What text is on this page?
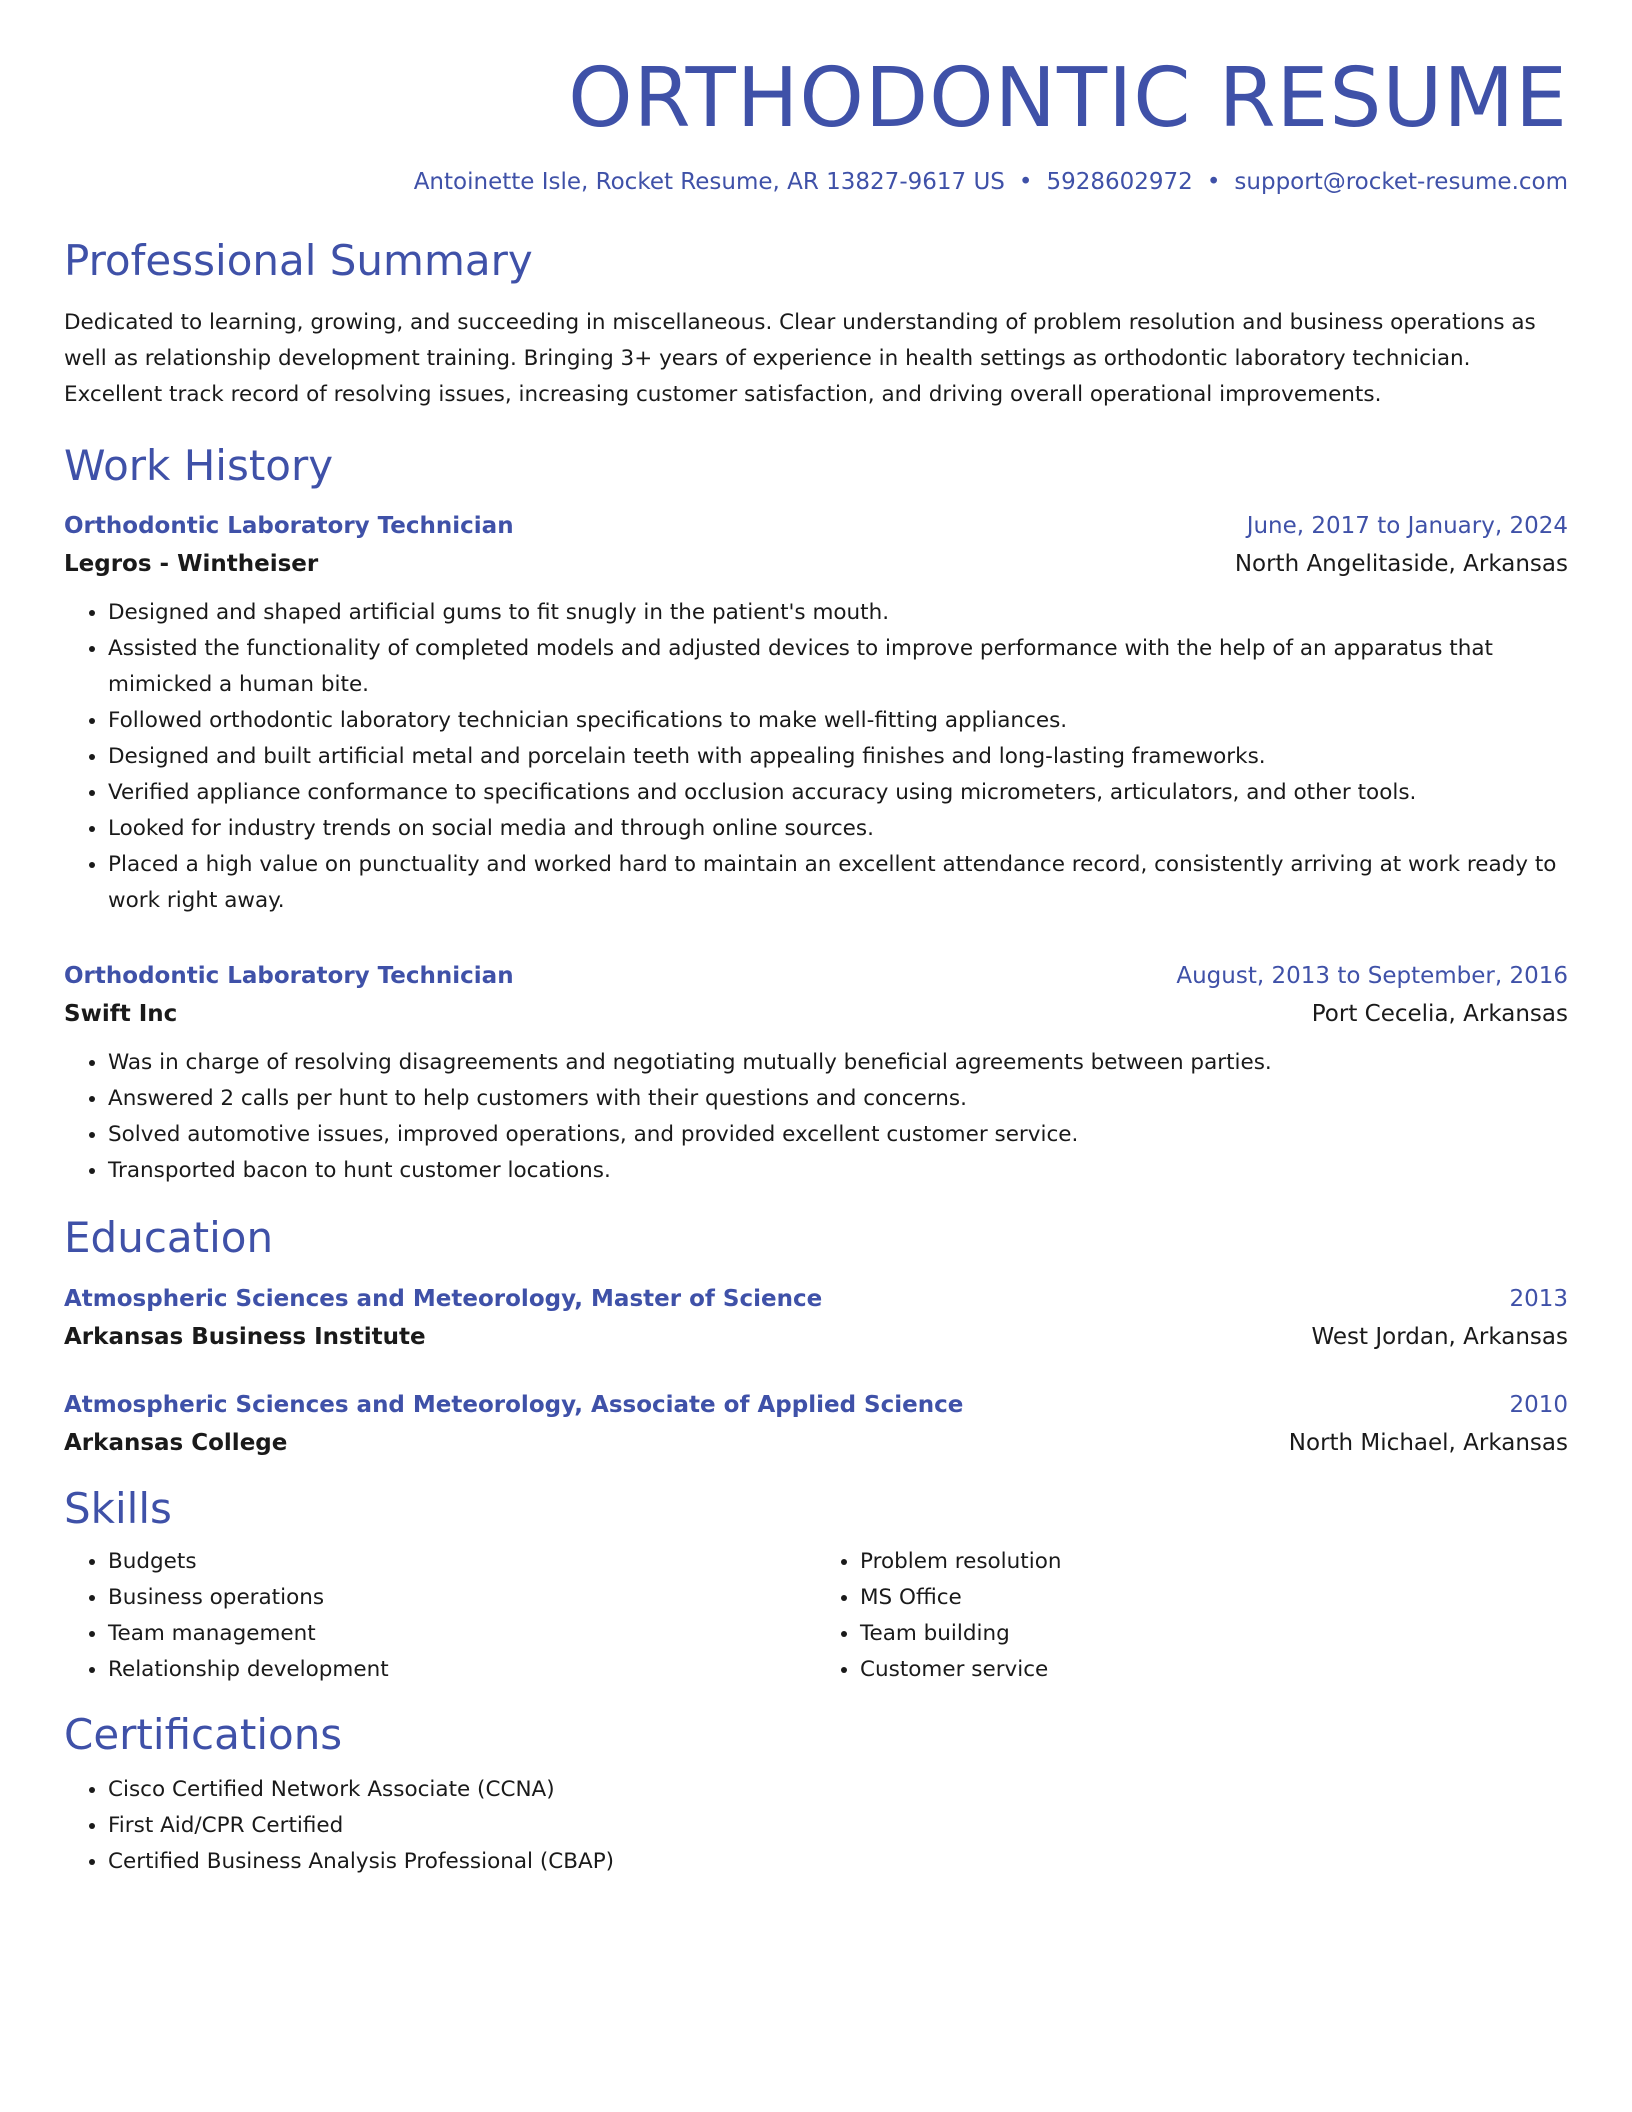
ORTHODONTIC RESUME
Antoinette Isle, Rocket Resume, AR 13827-9617 US • 5928602972 • support@rocket-resume.com
Professional Summary

Dedicated to learning, growing, and succeeding in miscellaneous. Clear understanding of problem resolution and business operations as well as relationship development training. Bringing 3+ years of experience in health settings as orthodontic laboratory technician. Excellent track record of resolving issues, increasing customer satisfaction, and driving overall operational improvements.

Work History
Orthodontic Laboratory Technician	June, 2017 to January, 2024
Legros - Wintheiser	North Angelitaside, Arkansas
• Designed and shaped artificial gums to fit snugly in the patient's mouth.
• Assisted the functionality of completed models and adjusted devices to improve performance with the help of an apparatus that mimicked a human bite.
• Followed orthodontic laboratory technician specifications to make well-fitting appliances.
• Designed and built artificial metal and porcelain teeth with appealing finishes and long-lasting frameworks.
• Verified appliance conformance to specifications and occlusion accuracy using micrometers, articulators, and other tools.
• Looked for industry trends on social media and through online sources.
• Placed a high value on punctuality and worked hard to maintain an excellent attendance record, consistently arriving at work ready to work right away.
Orthodontic Laboratory Technician	August, 2013 to September, 2016
Swift Inc	Port Cecelia, Arkansas
• Was in charge of resolving disagreements and negotiating mutually beneficial agreements between parties.
• Answered 2 calls per hunt to help customers with their questions and concerns.
• Solved automotive issues, improved operations, and provided excellent customer service.
• Transported bacon to hunt customer locations.
Education
Atmospheric Sciences and Meteorology, Master of Science	2013
Arkansas Business Institute	West Jordan, Arkansas
Atmospheric Sciences and Meteorology, Associate of Applied Science	2010
Arkansas College	North Michael, Arkansas
Skills
• Budgets
• Business operations
• Team management
• Relationship development
• Problem resolution
• MS Office
• Team building
• Customer service
Certifications
• Cisco Certified Network Associate (CCNA)
• First Aid/CPR Certified
• Certified Business Analysis Professional (CBAP)
